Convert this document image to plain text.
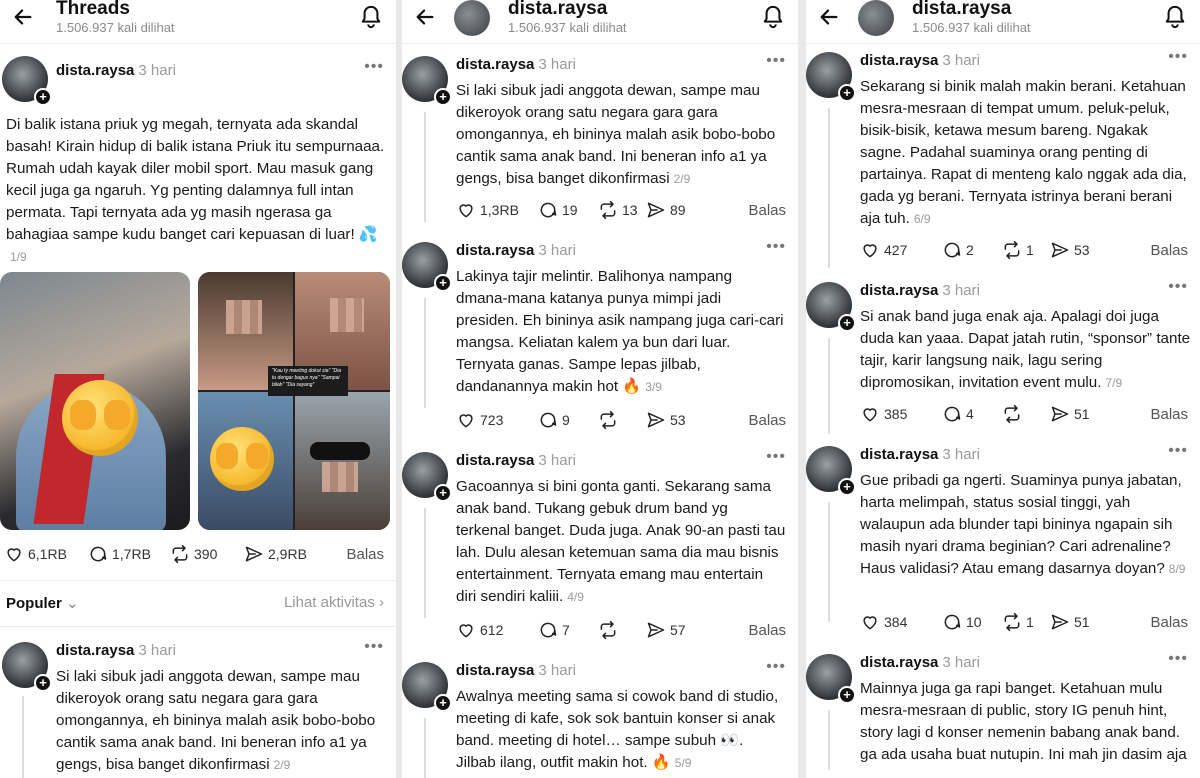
Threads
1.506.937 kali dilihat
+
dista.raysa 3 hari	•••
Di balik istana priuk yg megah, ternyata ada skandal basah! Kirain hidup di balik istana Priuk itu sempurnaaa. Rumah udah kayak diler mobil sport. Mau masuk gang kecil juga ga ngaruh. Yg penting dalamnya full intan permata. Tapi ternyata ada yg masih ngerasa ga bahagiaa sampe kudu banget cari kepuasan di luar! 💦1/9
"Kau ty meeting dokut sia" "Dia tu dengar bagus nya" "Sampai bilah" "Dia sayang"
6,1RB	1,7RB	390	2,9RB	Balas
Populer ⌄	Lihat aktivitas ›
+
dista.raysa 3 hari	•••
Si laki sibuk jadi anggota dewan, sampe mau dikeroyok orang satu negara gara gara omongannya, eh bininya malah asik bobo-bobo cantik sama anak band. Ini beneran info a1 ya gengs, bisa banget dikonfirmasi 2/9
dista.raysa
1.506.937 kali dilihat
+
dista.raysa 3 hari	•••
Si laki sibuk jadi anggota dewan, sampe mau dikeroyok orang satu negara gara gara omongannya, eh bininya malah asik bobo-bobo cantik sama anak band. Ini beneran info a1 ya gengs, bisa banget dikonfirmasi 2/9
1,3RB	19	13 89	Balas
+
dista.raysa 3 hari	•••
Lakinya tajir melintir. Balihonya nampang dmana-mana katanya punya mimpi jadi presiden. Eh bininya asik nampang juga cari-cari mangsa. Keliatan kalem ya bun dari luar. Ternyata ganas. Sampe lepas jilbab, dandanannya makin hot 🔥 3/9
723	9	53	Balas
+
dista.raysa 3 hari	•••
Gacoannya si bini gonta ganti. Sekarang sama anak band. Tukang gebuk drum band yg terkenal banget. Duda juga. Anak 90-an pasti tau lah. Dulu alesan ketemuan sama dia mau bisnis entertainment. Ternyata emang mau entertain diri sendiri kaliii. 4/9
612	7	57	Balas
+
dista.raysa 3 hari	•••
Awalnya meeting sama si cowok band di studio, meeting di kafe, sok sok bantuin konser si anak band. meeting di hotel… sampe subuh 👀. Jilbab ilang, outfit makin hot. 🔥 5/9
dista.raysa
1.506.937 kali dilihat
+
dista.raysa 3 hari	•••
Sekarang si binik malah makin berani. Ketahuan mesra-mesraan di tempat umum. peluk-peluk, bisik-bisik, ketawa mesum bareng. Ngakak sagne. Padahal suaminya orang penting di partainya. Rapat di menteng kalo nggak ada dia, gada yg berani. Ternyata istrinya berani berani aja tuh. 6/9
427	2	1	53	Balas
+
dista.raysa 3 hari	•••
Si anak band juga enak aja. Apalagi doi juga duda kan yaaa. Dapat jatah rutin, “sponsor” tante tajir, karir langsung naik, lagu sering dipromosikan, invitation event mulu. 7/9
385	4	51	Balas
+
dista.raysa 3 hari	•••
Gue pribadi ga ngerti. Suaminya punya jabatan, harta melimpah, status sosial tinggi, yah walaupun ada blunder tapi bininya ngapain sih masih nyari drama beginian? Cari adrenaline? Haus validasi? Atau emang dasarnya doyan? 8/9
384	10	1	51	Balas
+
dista.raysa 3 hari	•••
Mainnya juga ga rapi banget. Ketahuan mulu mesra-mesraan di public, story IG penuh hint, story lagi d konser nemenin babang anak band. ga ada usaha buat nutupin. Ini mah jin dasim aja
